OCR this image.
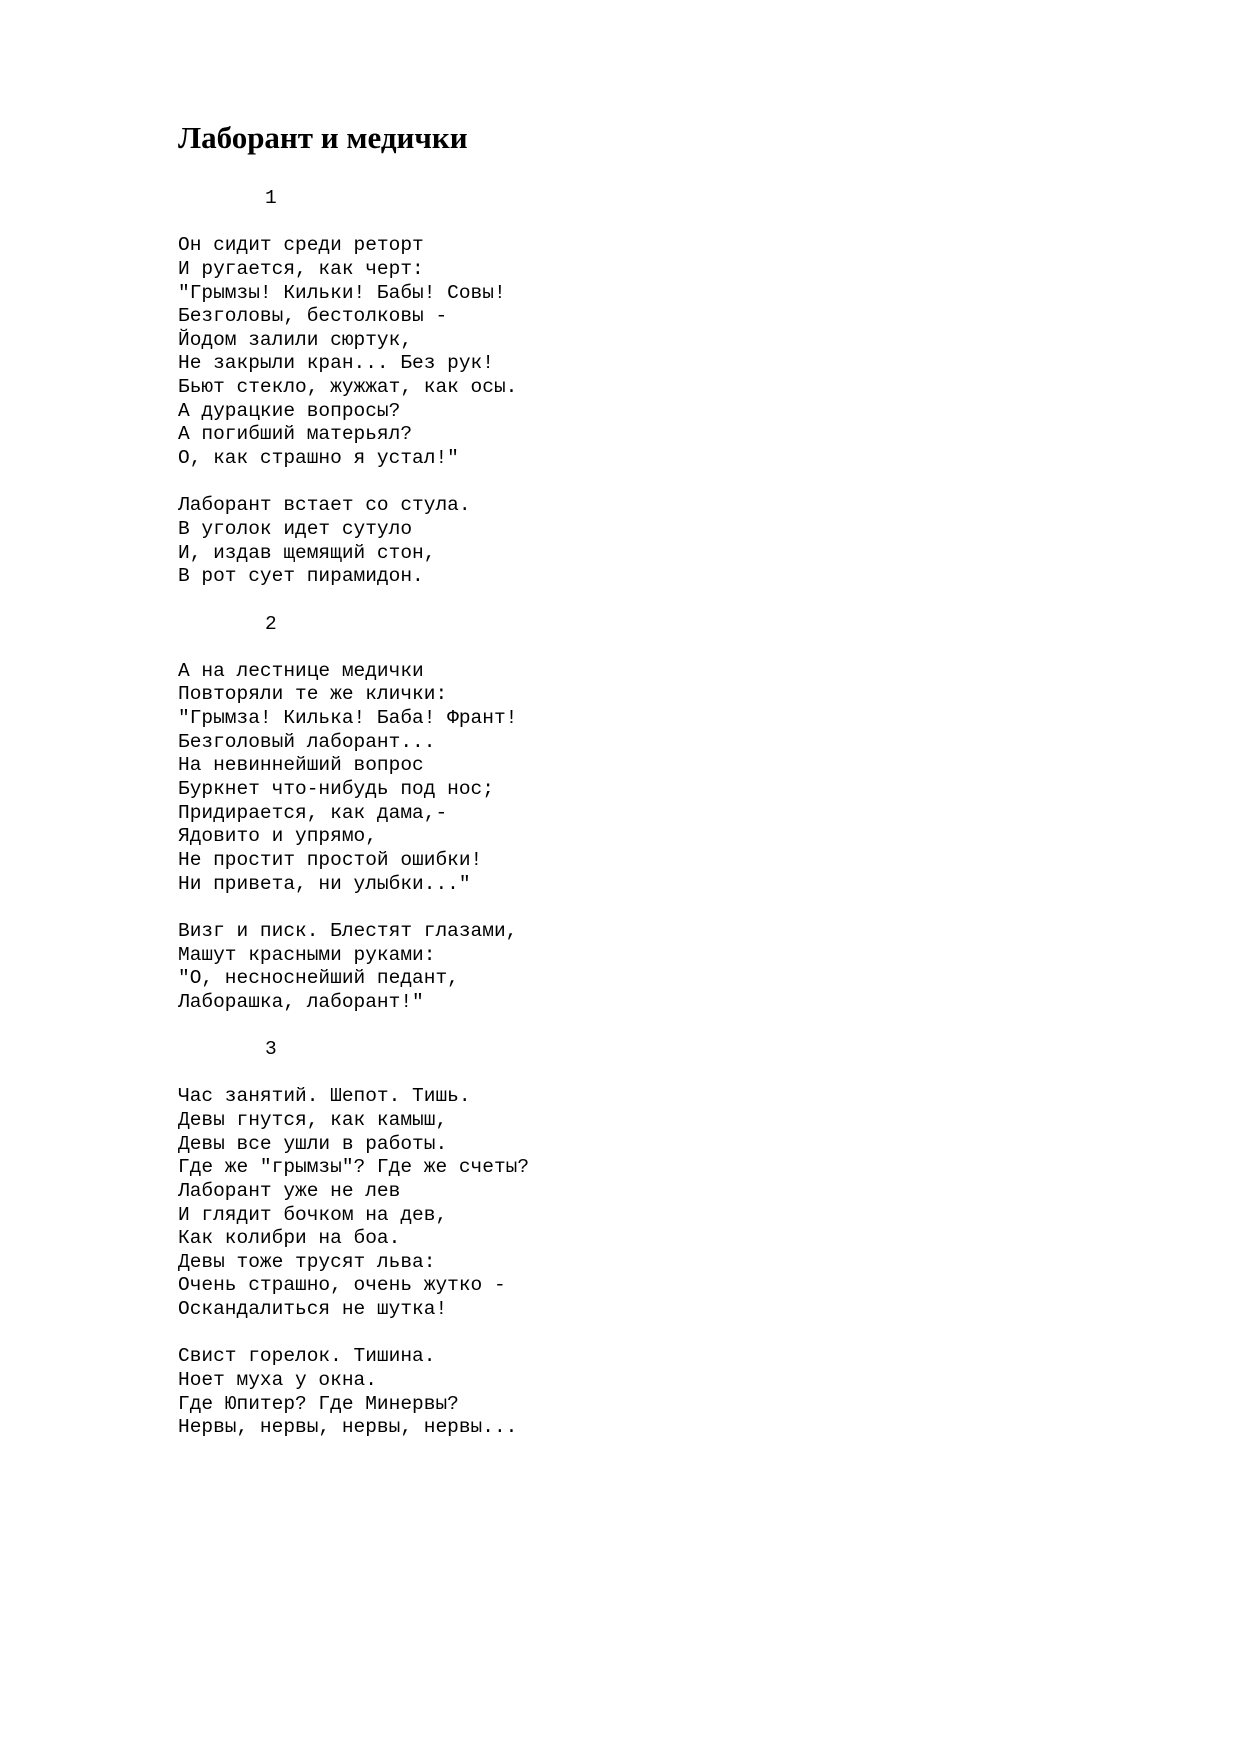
Лаборант и медички
1
Он сидит среди реторт
И ругается, как черт:
"Грымзы! Кильки! Бабы! Совы!
Безголовы, бестолковы -
Йодом залили сюртук,
Не закрыли кран... Без рук!
Бьют стекло, жужжат, как осы.
А дурацкие вопросы?
А погибший матерьял?
О, как страшно я устал!"
Лаборант встает со стула.
В уголок идет сутуло
И, издав щемящий стон,
В рот сует пирамидон.
2
А на лестнице медички
Повторяли те же клички:
"Грымза! Килька! Баба! Франт!
Безголовый лаборант...
На невиннейший вопрос
Буркнет что-нибудь под нос;
Придирается, как дама,-
Ядовито и упрямо,
Не простит простой ошибки!
Ни привета, ни улыбки..."
Визг и писк. Блестят глазами,
Машут красными руками:
"О, несноснейший педант,
Лаборашка, лаборант!"
3
Час занятий. Шепот. Тишь.
Девы гнутся, как камыш,
Девы все ушли в работы.
Где же "грымзы"? Где же счеты?
Лаборант уже не лев
И глядит бочком на дев,
Как колибри на боа.
Девы тоже трусят льва:
Очень страшно, очень жутко -
Оскандалиться не шутка!
Свист горелок. Тишина.
Ноет муха у окна.
Где Юпитер? Где Минервы?
Нервы, нервы, нервы, нервы...
